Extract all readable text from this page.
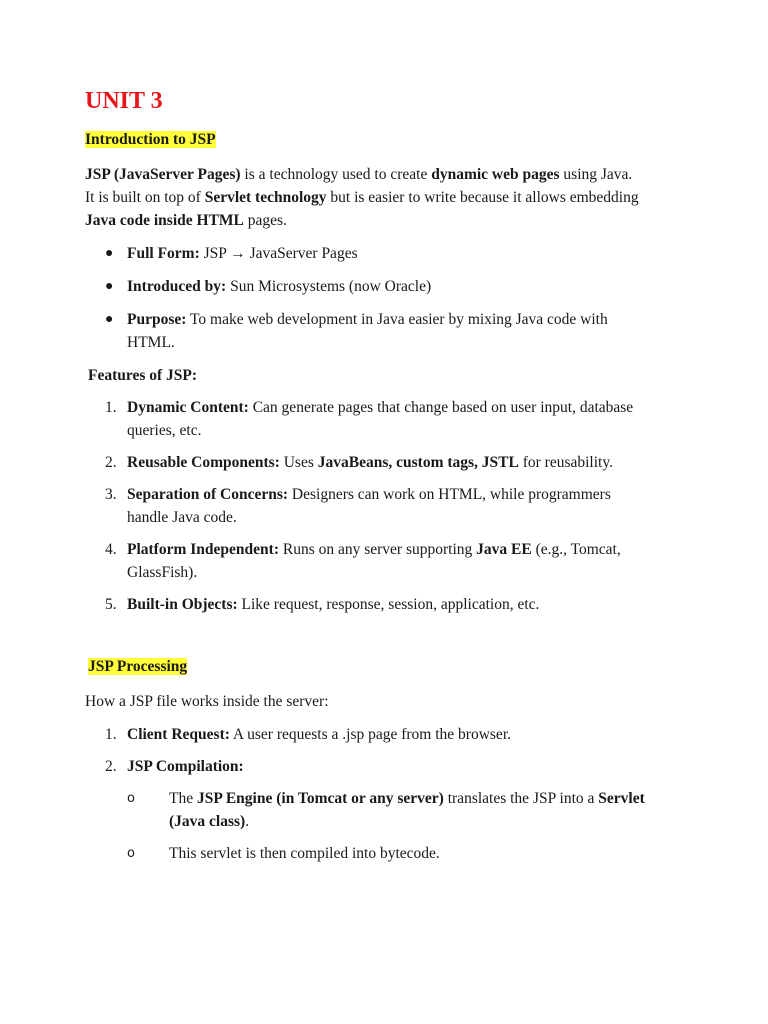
UNIT 3
Introduction to JSP

JSP (JavaServer Pages) is a technology used to create dynamic web pages using Java.

It is built on top of Servlet technology but is easier to write because it allows embedding Java code inside HTML pages.

● Full Form: JSP → JavaServer Pages
● Introduced by: Sun Microsystems (now Oracle)
● Purpose: To make web development in Java easier by mixing Java code with HTML.
Features of JSP:
1. Dynamic Content: Can generate pages that change based on user input, database queries, etc.
2. Reusable Components: Uses JavaBeans, custom tags, JSTL for reusability.
3. Separation of Concerns: Designers can work on HTML, while programmers handle Java code.
4. Platform Independent: Runs on any server supporting Java EE (e.g., Tomcat, GlassFish).
5. Built-in Objects: Like request, response, session, application, etc.
JSP Processing

How a JSP file works inside the server:

1. Client Request: A user requests a .jsp page from the browser.
2. JSP Compilation:
o The JSP Engine (in Tomcat or any server) translates the JSP into a Servlet (Java class).
o This servlet is then compiled into bytecode.
